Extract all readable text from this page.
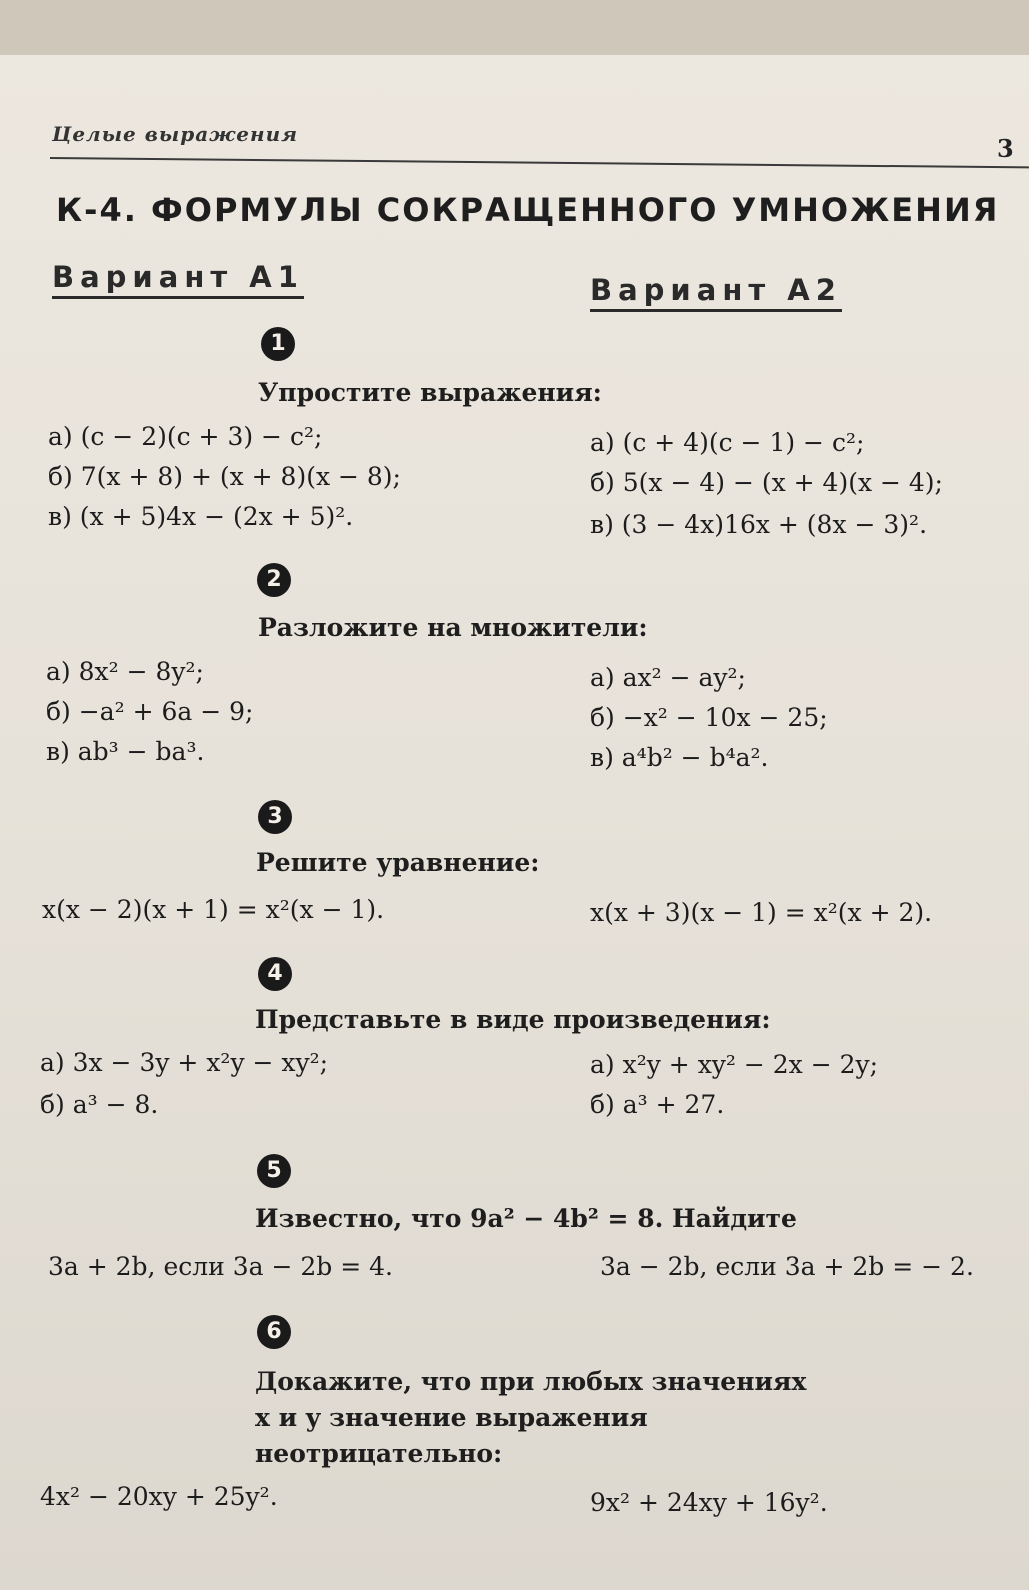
Целые выражения	3
К-4. ФОРМУЛЫ СОКРАЩЕННОГО УМНОЖЕНИЯ
Вариант А1	Вариант А2
1
Упростите выражения:
а) (c − 2)(c + 3) − c²;
б) 7(x + 8) + (x + 8)(x − 8);
в) (x + 5)4x − (2x + 5)².
а) (c + 4)(c − 1) − c²;
б) 5(x − 4) − (x + 4)(x − 4);
в) (3 − 4x)16x + (8x − 3)².
2
Разложите на множители:
а) 8x² − 8y²;
б) −a² + 6a − 9;
в) ab³ − ba³.
а) ax² − ay²;
б) −x² − 10x − 25;
в) a⁴b² − b⁴a².
3
Решите уравнение:
x(x − 2)(x + 1) = x²(x − 1).	x(x + 3)(x − 1) = x²(x + 2).
4
Представьте в виде произведения:
а) 3x − 3y + x²y − xy²;
б) a³ − 8.
а) x²y + xy² − 2x − 2y;
б) a³ + 27.
5
Известно, что 9a² − 4b² = 8. Найдите
3a + 2b, если 3a − 2b = 4.	3a − 2b, если 3a + 2b = − 2.
6
Докажите, что при любых значениях x и y значение выражения неотрицательно:
4x² − 20xy + 25y².	9x² + 24xy + 16y².
